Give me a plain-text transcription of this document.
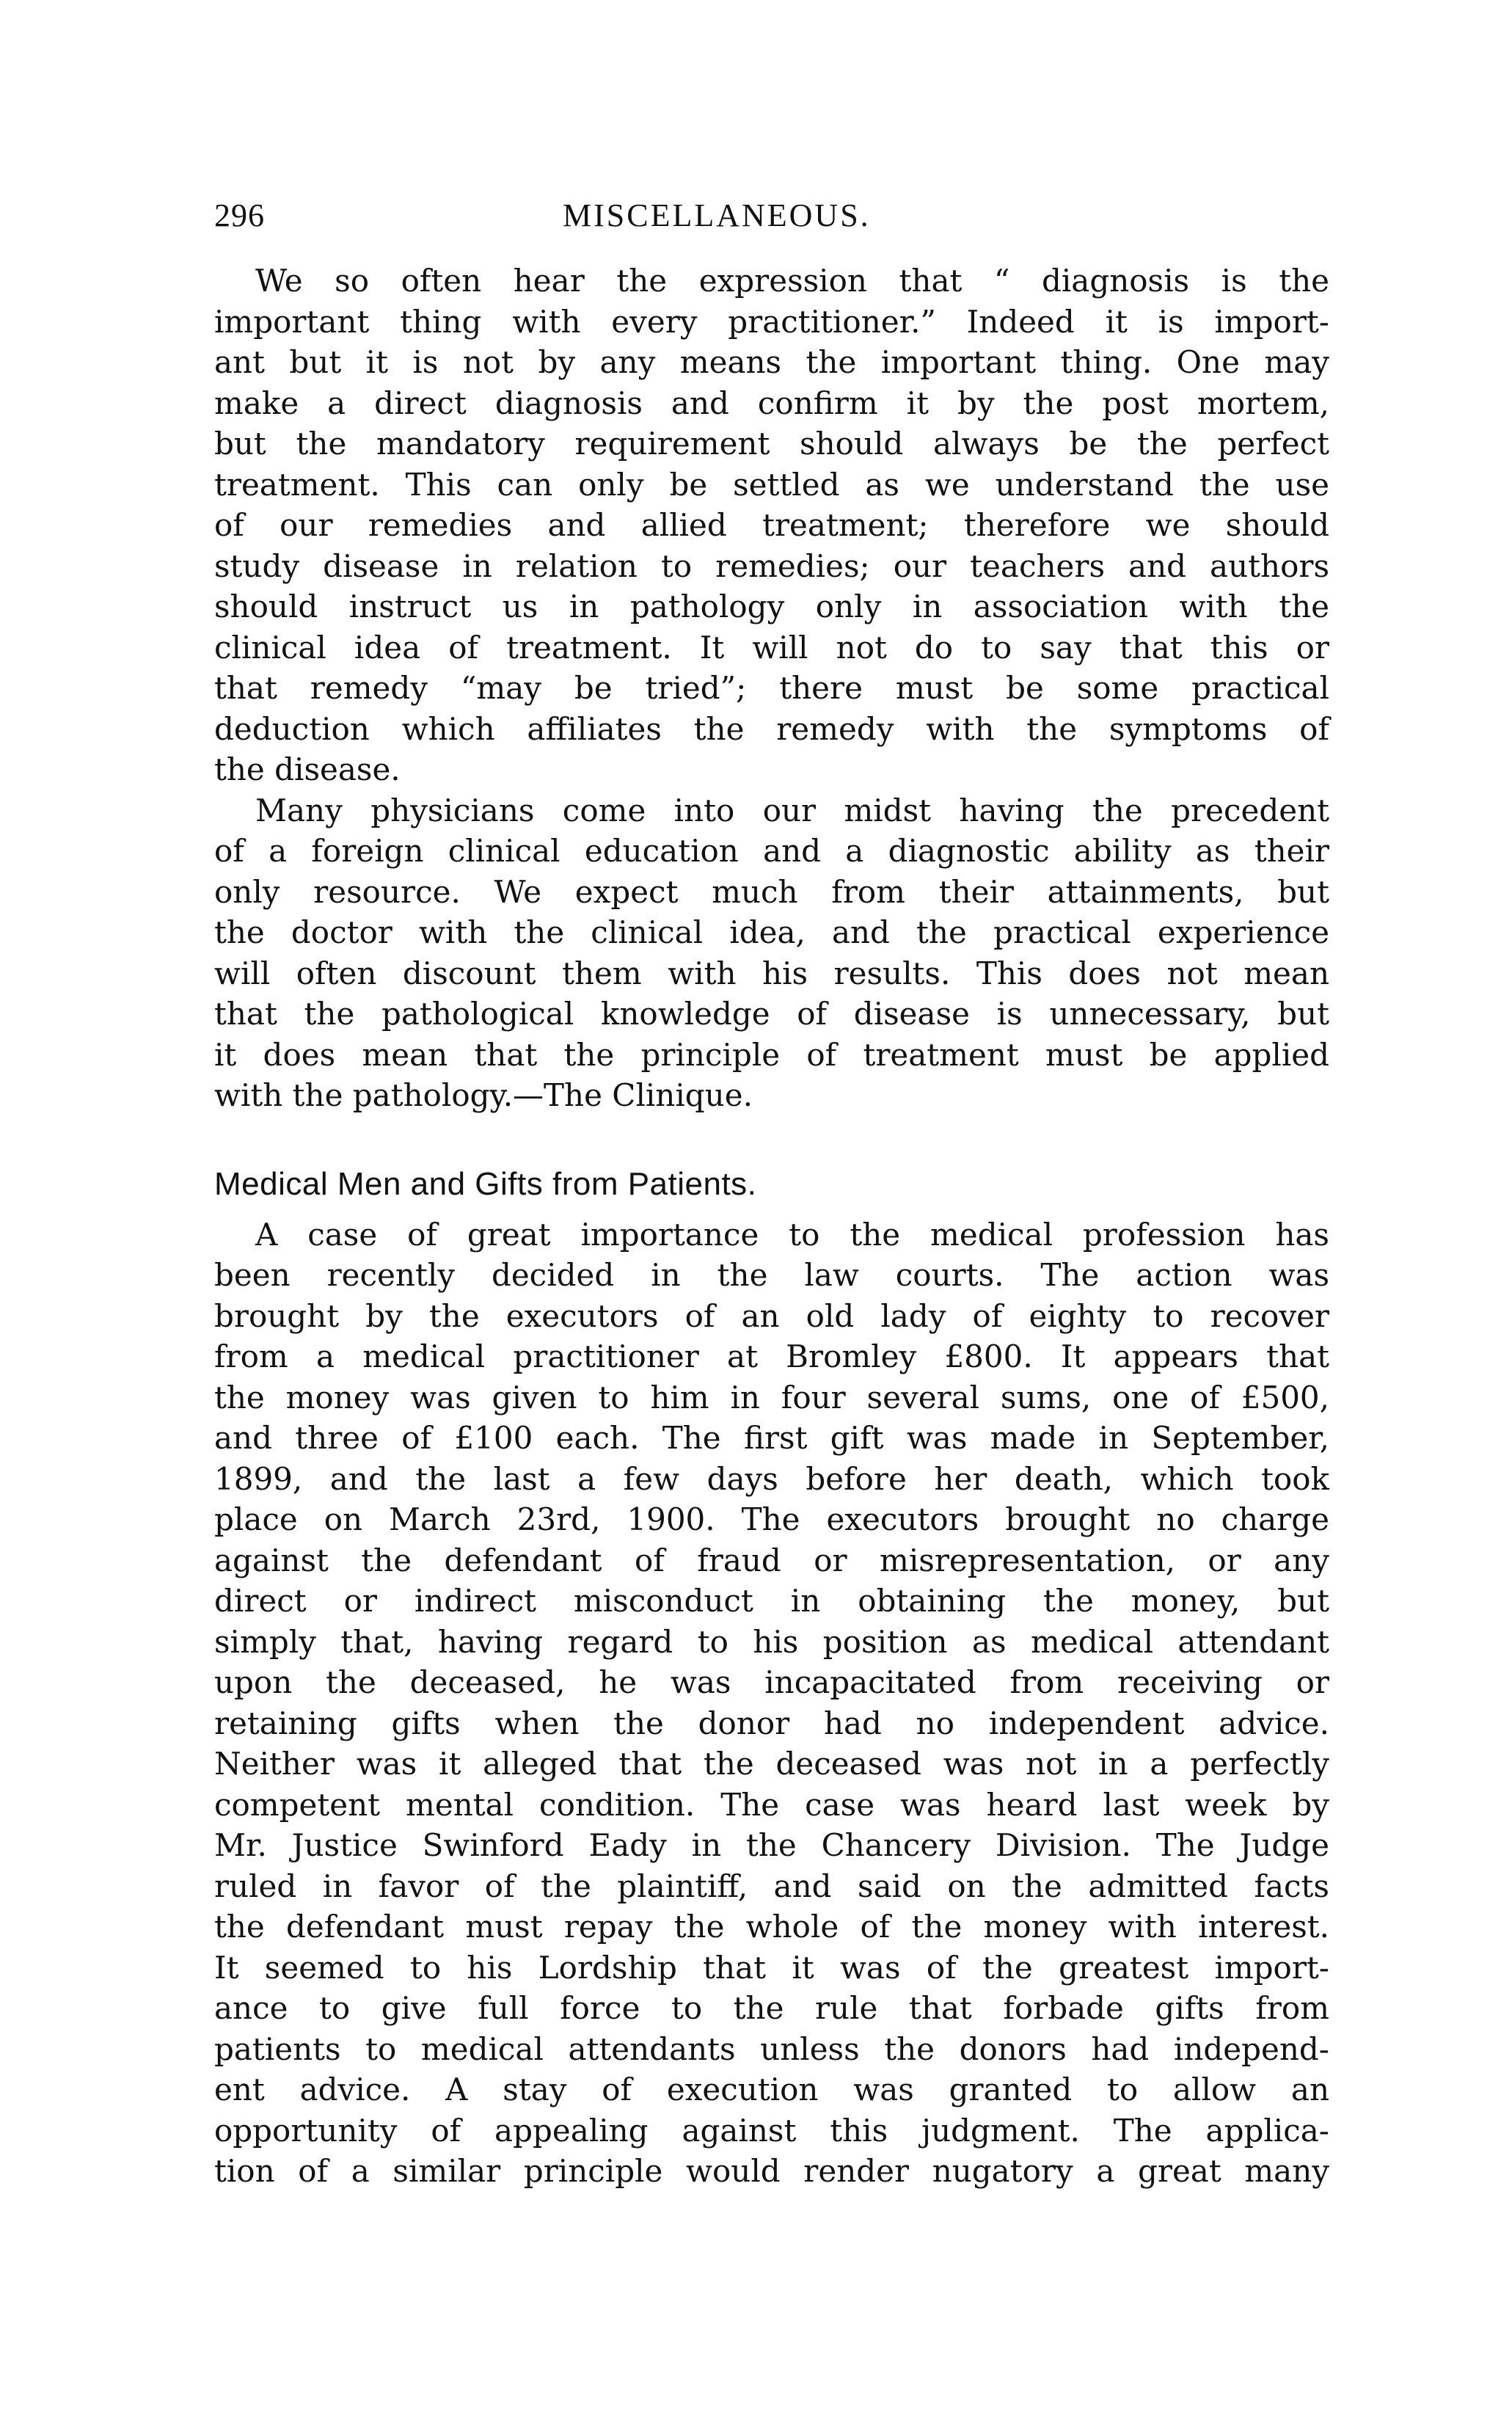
296	MISCELLANEOUS.
We so often hear the expression that “ diagnosis is the
important thing with every practitioner.” Indeed it is import-
ant but it is not by any means the important thing. One may
make a direct diagnosis and confirm it by the post mortem,
but the mandatory requirement should always be the perfect
treatment. This can only be settled as we understand the use
of our remedies and allied treatment; therefore we should
study disease in relation to remedies; our teachers and authors
should instruct us in pathology only in association with the
clinical idea of treatment. It will not do to say that this or
that remedy “may be tried”; there must be some practical
deduction which affiliates the remedy with the symptoms of
the disease.
Many physicians come into our midst having the precedent
of a foreign clinical education and a diagnostic ability as their
only resource. We expect much from their attainments, but
the doctor with the clinical idea, and the practical experience
will often discount them with his results. This does not mean
that the pathological knowledge of disease is unnecessary, but
it does mean that the principle of treatment must be applied
with the pathology.—The Clinique.
Medical Men and Gifts from Patients.
A case of great importance to the medical profession has
been recently decided in the law courts. The action was
brought by the executors of an old lady of eighty to recover
from a medical practitioner at Bromley £800. It appears that
the money was given to him in four several sums, one of £500,
and three of £100 each. The first gift was made in September,
1899, and the last a few days before her death, which took
place on March 23rd, 1900. The executors brought no charge
against the defendant of fraud or misrepresentation, or any
direct or indirect misconduct in obtaining the money, but
simply that, having regard to his position as medical attendant
upon the deceased, he was incapacitated from receiving or
retaining gifts when the donor had no independent advice.
Neither was it alleged that the deceased was not in a perfectly
competent mental condition. The case was heard last week by
Mr. Justice Swinford Eady in the Chancery Division. The Judge
ruled in favor of the plaintiff, and said on the admitted facts
the defendant must repay the whole of the money with interest.
It seemed to his Lordship that it was of the greatest import-
ance to give full force to the rule that forbade gifts from
patients to medical attendants unless the donors had independ-
ent advice. A stay of execution was granted to allow an
opportunity of appealing against this judgment. The applica-
tion of a similar principle would render nugatory a great many
